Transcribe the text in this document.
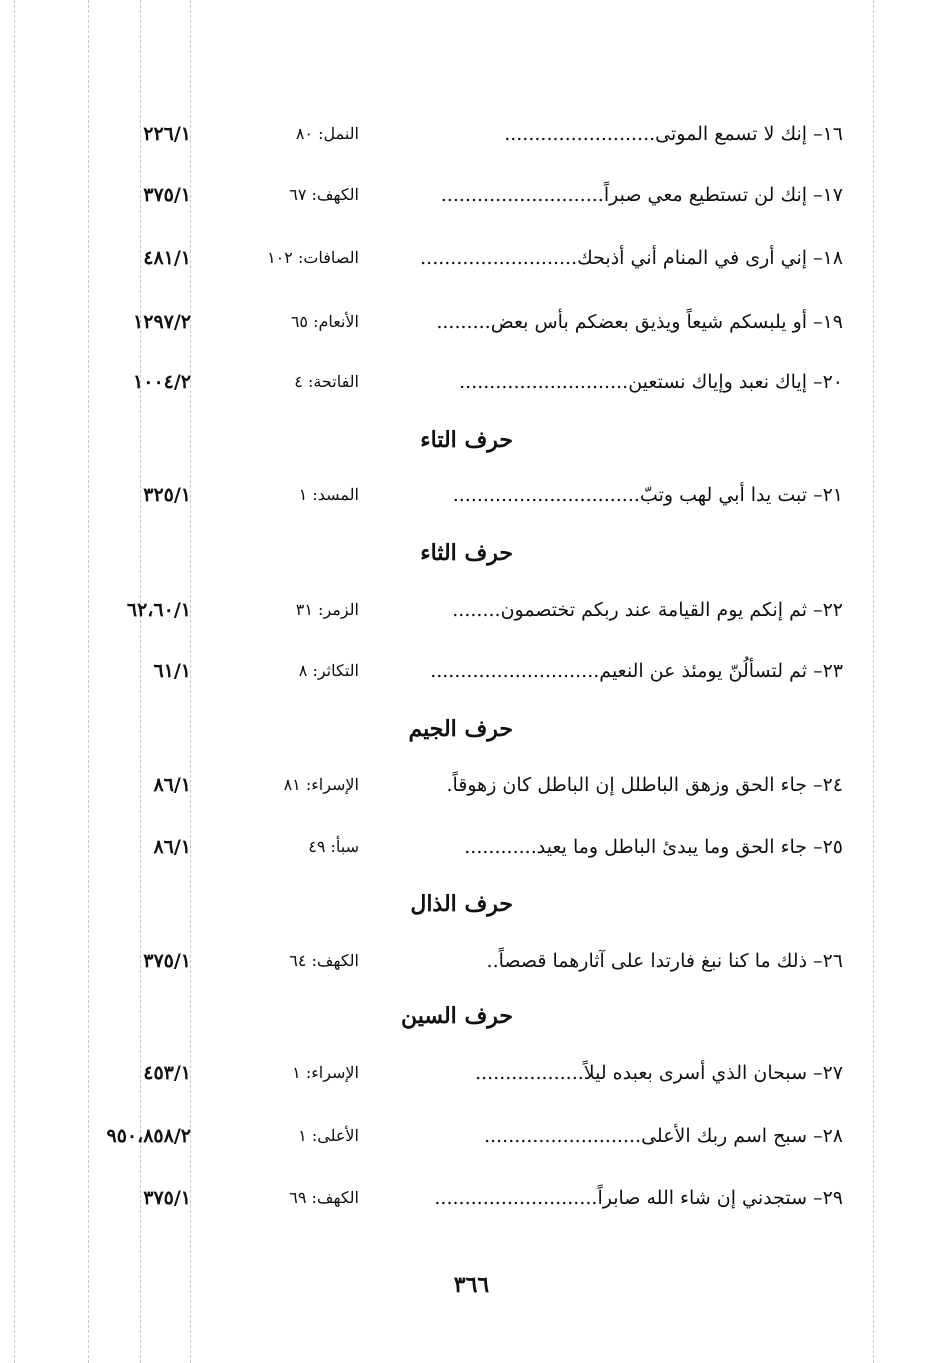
١٦– إنك لا تسمع الموتى.........................
النمل: ٨٠
٢٢٦/١
١٧– إنك لن تستطيع معي صبراً...........................
الكهف: ٦٧
٣٧٥/١
١٨– إني أرى في المنام أني أذبحك..........................
الصافات: ١٠٢
٤٨١/١
١٩– أو يلبسكم شيعاً ويذيق بعضكم بأس بعض.........
الأنعام: ٦٥
١٢٩٧/٢
٢٠– إياك نعبد وإياك نستعين............................
الفاتحة: ٤
١٠٠٤/٢
حرف التاء
٢١– تبت يدا أبي لهب وتبّ...............................
المسد: ١
٣٢٥/١
حرف الثاء
٢٢– ثم إنكم يوم القيامة عند ربكم تختصمون........
الزمر: ٣١
٦٢،٦٠/١
٢٣– ثم لتسألُنّ يومئذ عن النعيم............................
التكاثر: ٨
٦١/١
حرف الجيم
٢٤– جاء الحق وزهق الباطلل إن الباطل كان زهوقاً.
الإسراء: ٨١
٨٦/١
٢٥– جاء الحق وما يبدئ الباطل وما يعيد............
سبأ: ٤٩
٨٦/١
حرف الذال
٢٦– ذلك ما كنا نبغ فارتدا على آثارهما قصصاً..
الكهف: ٦٤
٣٧٥/١
حرف السين
٢٧– سبحان الذي أسرى بعبده ليلاً..................
الإسراء: ١
٤٥٣/١
٢٨– سبح اسم ربك الأعلى..........................
الأعلى: ١
٩٥٠،٨٥٨/٢
٢٩– ستجدني إن شاء الله صابراً...........................
الكهف: ٦٩
٣٧٥/١
٣٦٦
